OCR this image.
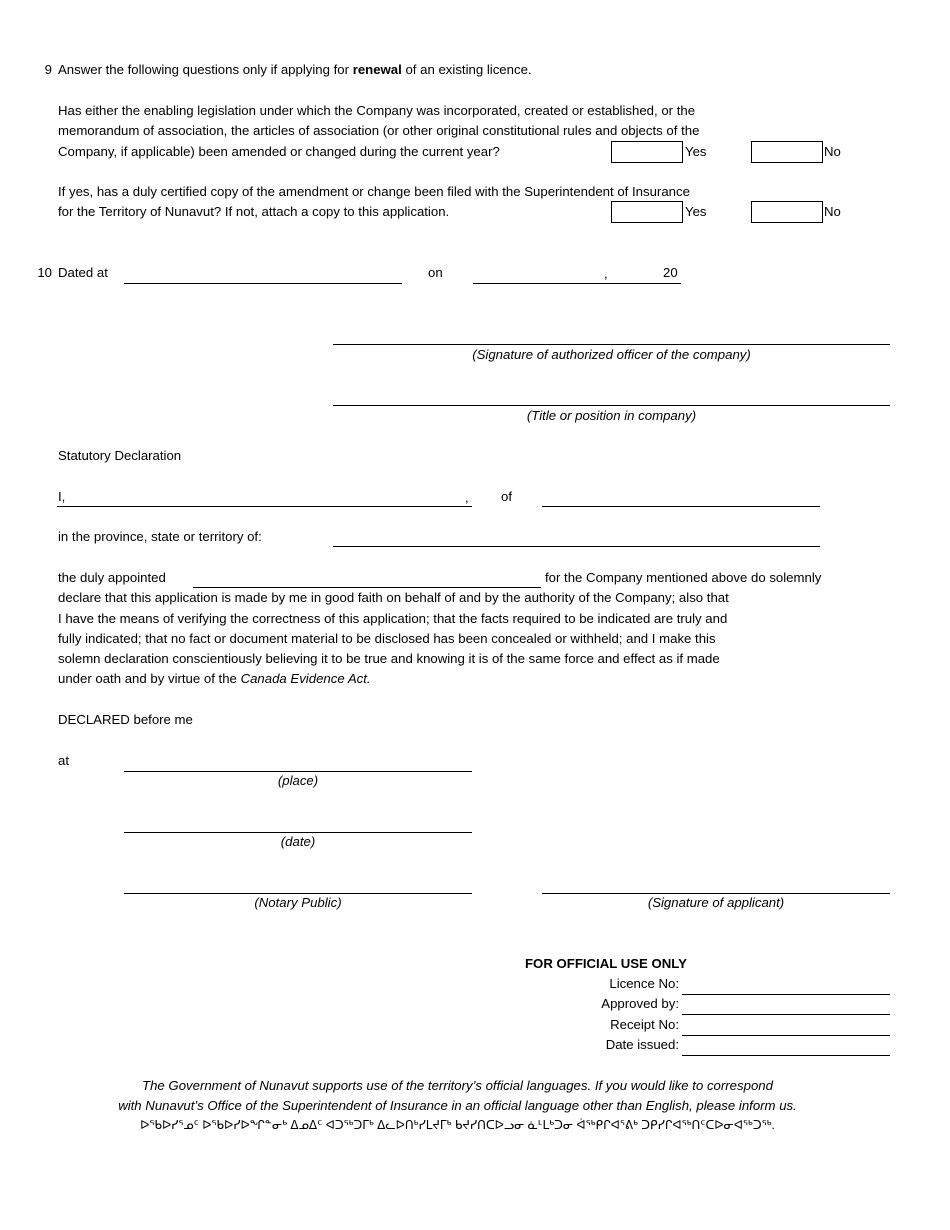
9 Answer the following questions only if applying for renewal of an existing licence.
Has either the enabling legislation under which the Company was incorporated, created or established, or the
memorandum of association, the articles of association (or other original constitutional rules and objects of the
Company, if applicable) been amended or changed during the current year?	Yes	No
If yes, has a duly certified copy of the amendment or change been filed with the Superintendent of Insurance
for the Territory of Nunavut? If not, attach a copy to this application.	Yes	No
10 Dated at	on	,	20
(Signature of authorized officer of the company)
(Title or position in company)
Statutory Declaration
I,	, of
in the province, state or territory of:
the duly appointed	for the Company mentioned above do solemnly
declare that this application is made by me in good faith on behalf of and by the authority of the Company; also that
I have the means of verifying the correctness of this application; that the facts required to be indicated are truly and
fully indicated; that no fact or document material to be disclosed has been concealed or withheld; and I make this
solemn declaration conscientiously believing it to be true and knowing it is of the same force and effect as if made
under oath and by virtue of the Canada Evidence Act.
DECLARED before me
at
(place)
(date)
(Notary Public)	(Signature of applicant)
FOR OFFICIAL USE ONLY
Licence No:
Approved by:
Receipt No:
Date issued:
The Government of Nunavut supports use of the territory’s official languages. If you would like to correspond
with Nunavut’s Office of the Superintendent of Insurance in an official language other than English, please inform us.
ᐅᖃᐅᓯᕐᓄᑦ ᐅᖃᐅᓯᐅᖏᓐᓂᒃ ᐃᓄᐃᑦ ᐊᑐᖅᑐᒥᒃ ᐃᓚᐅᑎᒃᓯᒪᔪᒥᒃ ᑲᔪᓯᑎᑕᐅᓗᓂ ᓈᒻᒪᒃᑐᓂ ᐋᖅᑭᒋᐊᕐᕕᒃ ᑐᑭᓯᒋᐊᖅᑎᑦᑕᐅᓂᐊᖅᑐᖅ.
